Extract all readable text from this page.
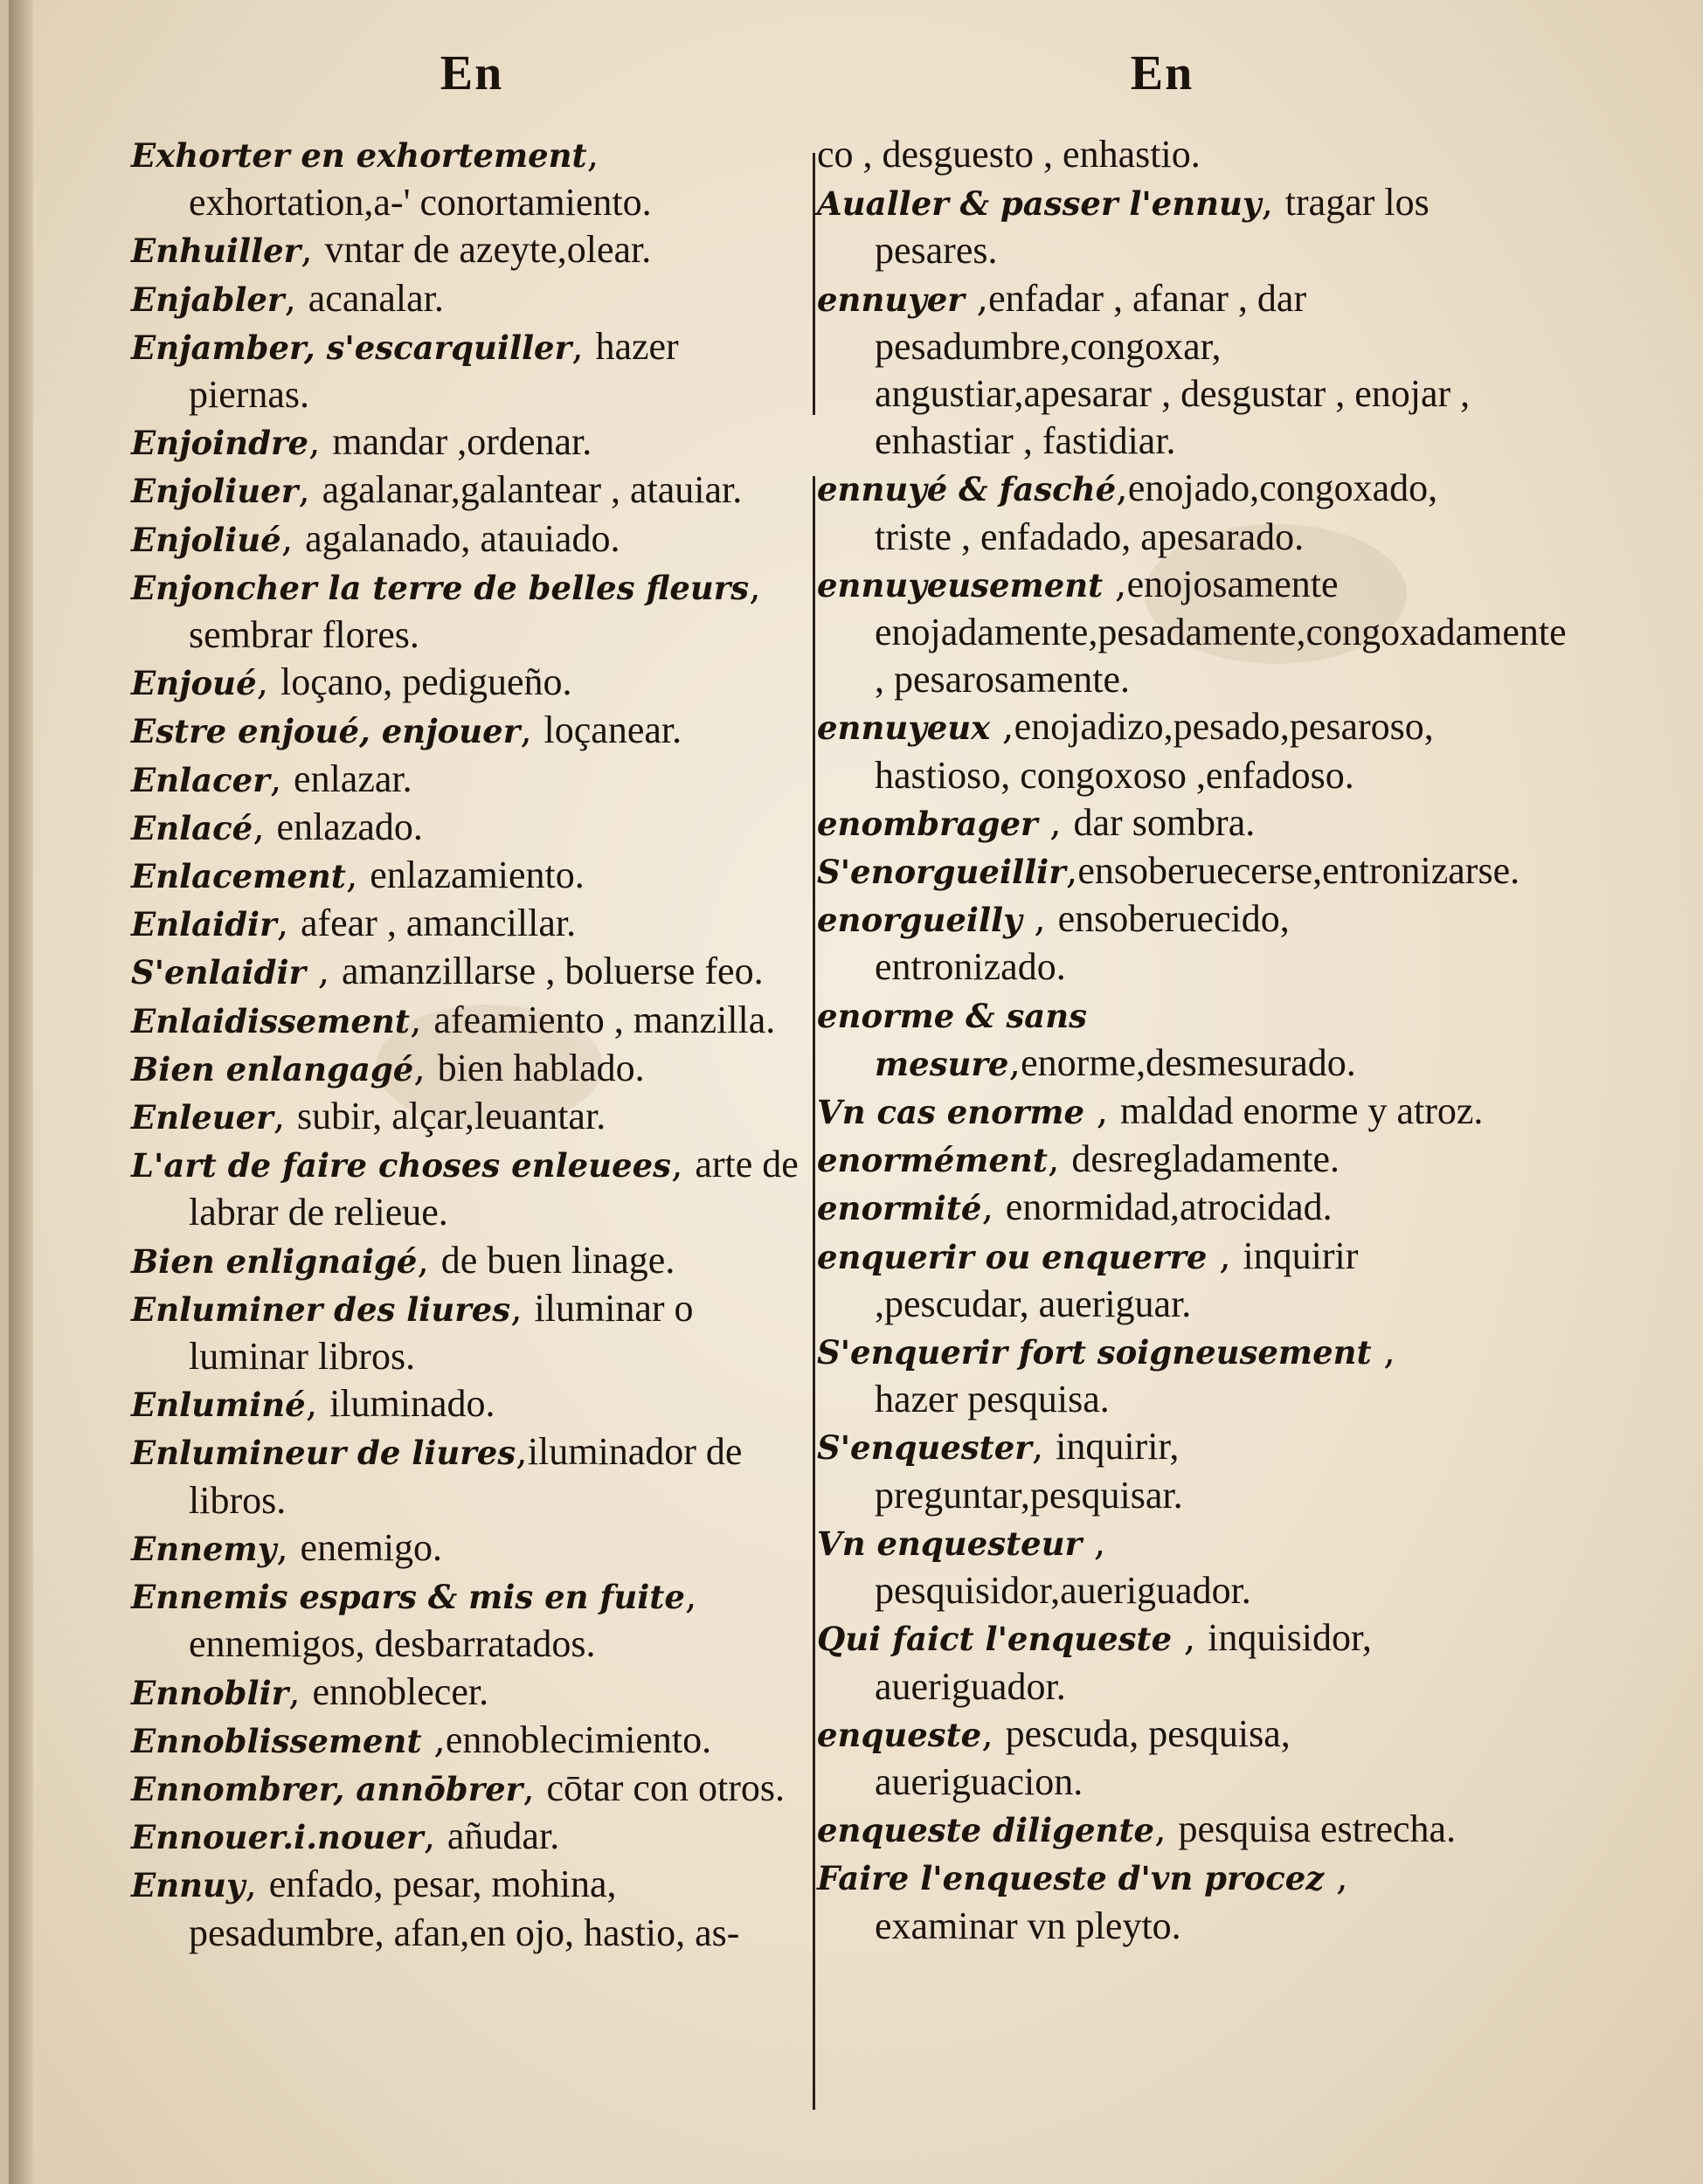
En	En
Exhorter en exhortement, exhortation,a-' conortamiento.
Enhuiller, vntar de azeyte,olear.
Enjabler, acanalar.
Enjamber, s'escarquiller, hazer piernas.
Enjoindre, mandar ,ordenar.
Enjoliuer, agalanar,galantear , atauiar.
Enjoliué, agalanado, atauiado.
Enjoncher la terre de belles fleurs, sembrar flores.
Enjoué, loçano, pedigueño.
Estre enjoué, enjouer, loçanear.
Enlacer, enlazar.
Enlacé, enlazado.
Enlacement, enlazamiento.
Enlaidir, afear , amancillar.
S'enlaidir , amanzillarse , boluerse feo.
Enlaidissement, afeamiento , manzilla.
Bien enlangagé, bien hablado.
Enleuer, subir, alçar,leuantar.
L'art de faire choses enleuees, arte de labrar de relieue.
Bien enlignaigé, de buen linage.
Enluminer des liures, iluminar o luminar libros.
Enluminé, iluminado.
Enlumineur de liures,iluminador de libros.
Ennemy, enemigo.
Ennemis espars & mis en fuite, ennemigos, desbarratados.
Ennoblir, ennoblecer.
Ennoblissement ,ennoblecimiento.
Ennombrer, annōbrer, cōtar con otros.
Ennouer.i.nouer, añudar.
Ennuy, enfado, pesar, mohina, pesadumbre, afan,en ojo, hastio, as-
co , desguesto , enhastio.
Aualler & passer l'ennuy, tragar los pesares.
ennuyer ,enfadar , afanar , dar pesadumbre,congoxar, angustiar,apesarar , desgustar , enojar , enhastiar , fastidiar.
ennuyé & fasché,enojado,congoxado, triste , enfadado, apesarado.
ennuyeusement ,enojosamente enojadamente,pesadamente,congoxadamente , pesarosamente.
ennuyeux ,enojadizo,pesado,pesaroso, hastioso, congoxoso ,enfadoso.
enombrager , dar sombra.
S'enorgueillir,ensoberuecerse,entronizarse.
enorgueilly , ensoberuecido, entronizado.
enorme & sans mesure,enorme,desmesurado.
Vn cas enorme , maldad enorme y atroz.
enormément, desregladamente.
enormité, enormidad,atrocidad.
enquerir ou enquerre , inquirir ,pescudar, aueriguar.
S'enquerir fort soigneusement , hazer pesquisa.
S'enquester, inquirir, preguntar,pesquisar.
Vn enquesteur , pesquisidor,aueriguador.
Qui faict l'enqueste , inquisidor, aueriguador.
enqueste, pescuda, pesquisa, aueriguacion.
enqueste diligente, pesquisa estrecha.
Faire l'enqueste d'vn procez , examinar vn pleyto.
